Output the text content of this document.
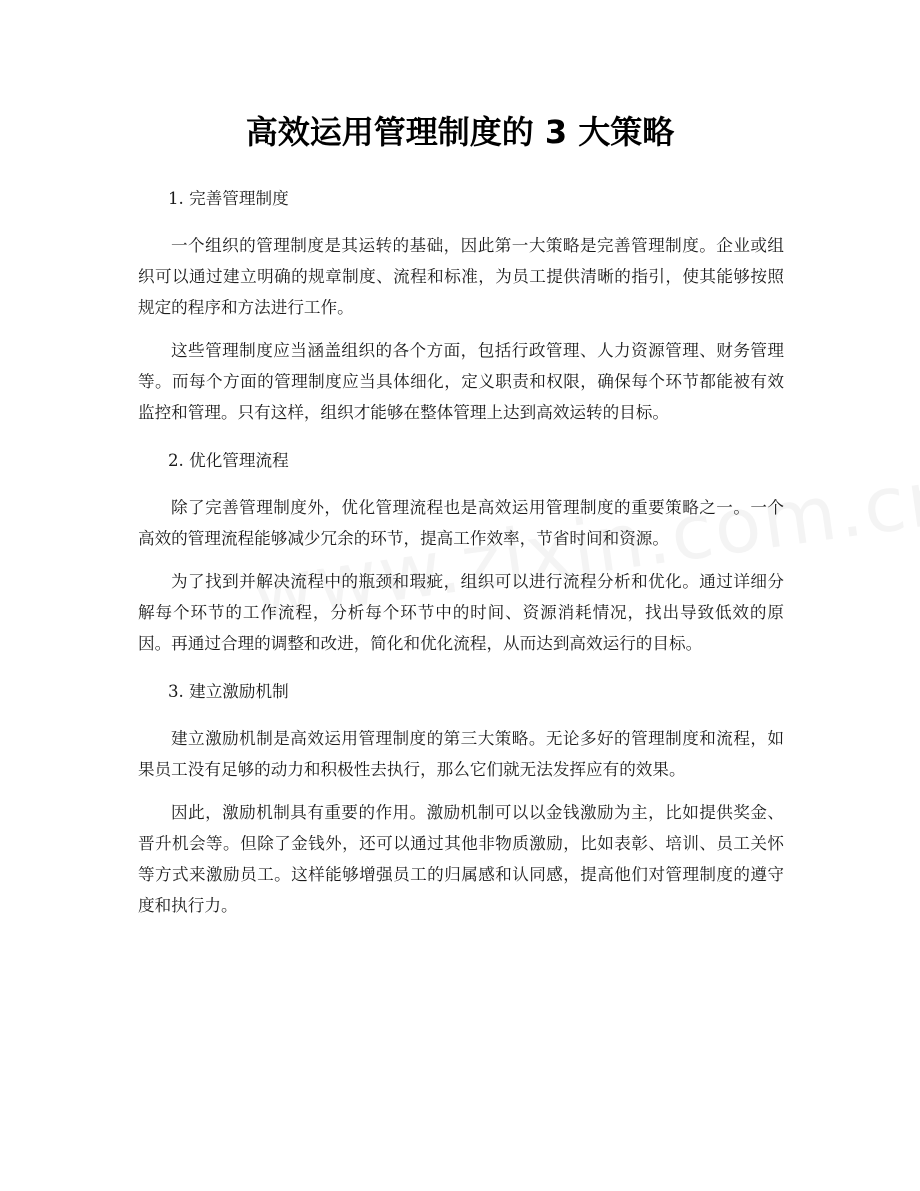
高效运用管理制度的 3 大策略

1. 完善管理制度

一个组织的管理制度是其运转的基础，因此第一大策略是完善管理制度。企业或组织可以通过建立明确的规章制度、流程和标准，为员工提供清晰的指引，使其能够按照规定的程序和方法进行工作。

这些管理制度应当涵盖组织的各个方面，包括行政管理、人力资源管理、财务管理等。而每个方面的管理制度应当具体细化，定义职责和权限，确保每个环节都能被有效监控和管理。只有这样，组织才能够在整体管理上达到高效运转的目标。

2. 优化管理流程

除了完善管理制度外，优化管理流程也是高效运用管理制度的重要策略之一。一个高效的管理流程能够减少冗余的环节，提高工作效率，节省时间和资源。

为了找到并解决流程中的瓶颈和瑕疵，组织可以进行流程分析和优化。通过详细分解每个环节的工作流程，分析每个环节中的时间、资源消耗情况，找出导致低效的原因。再通过合理的调整和改进，简化和优化流程，从而达到高效运行的目标。

3. 建立激励机制

建立激励机制是高效运用管理制度的第三大策略。无论多好的管理制度和流程，如果员工没有足够的动力和积极性去执行，那么它们就无法发挥应有的效果。

因此，激励机制具有重要的作用。激励机制可以以金钱激励为主，比如提供奖金、晋升机会等。但除了金钱外，还可以通过其他非物质激励，比如表彰、培训、员工关怀等方式来激励员工。这样能够增强员工的归属感和认同感，提高他们对管理制度的遵守度和执行力。
